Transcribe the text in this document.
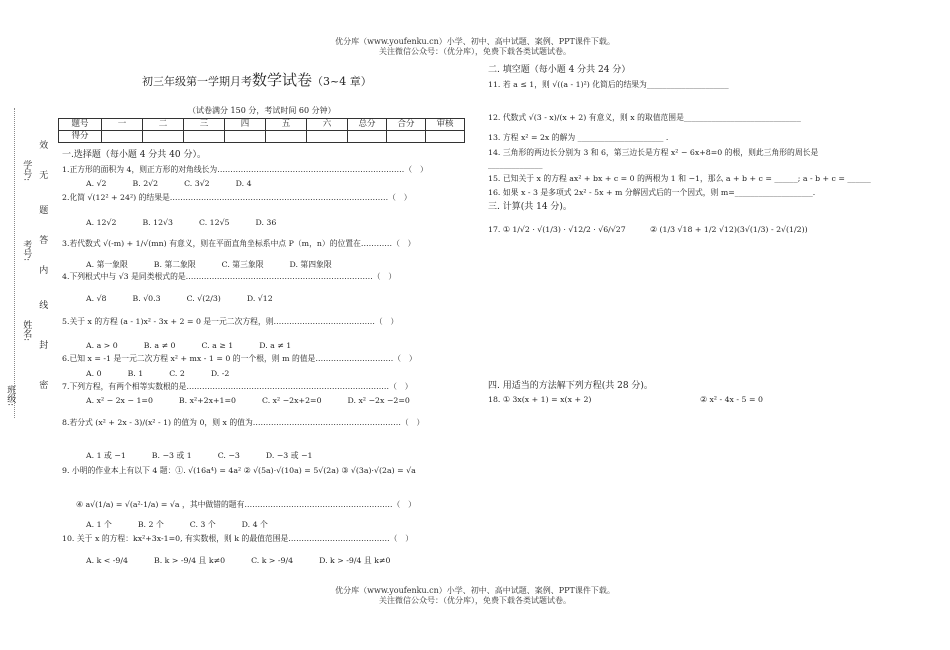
优分库（www.youfenku.cn）小学、初中、高中试题、案例、PPT课件下载。
关注微信公众号：（优分库），免费下载各类试题试卷。
优分库（www.youfenku.cn）小学、初中、高中试题、案例、PPT课件下载。
关注微信公众号：（优分库），免费下载各类试题试卷。
班级:
姓名:
考号:
学号:
密
封
线
内
答
题
无
效
初三年级第一学期月考数学试卷（3~4 章）
（试卷满分 150 分，考试时间 60 分钟）
题号	一	二	三	四	五	六	总分	合分	审核
得分									
一.选择题（每小题 4 分共 40 分）。
1.正方形的面积为 4，则正方形的对角线长为………………………………………………………………（　）
A. √2	B. 2√2	C. 3√2	D. 4
2.化简 √(12² + 24²) 的结果是…………………………………………………………………………（　）
A. 12√2	B. 12√3	C. 12√5	D. 36
3.若代数式 √(-m) + 1/√(mn) 有意义，则在平面直角坐标系中点 P（m，n）的位置在…………（　）
A. 第一象限	B. 第二象限	C. 第三象限	D. 第四象限
4.下列根式中与 √3 是同类根式的是………………………………………………………………（　）
A. √8	B. √0.3	C. √(2/3)	D. √12
5.关于 x 的方程 (a - 1)x² - 3x + 2 = 0 是一元二次方程，则…………………………………（　）
A. a > 0	B. a ≠ 0	C. a ≥ 1	D. a ≠ 1
6.已知 x = -1 是一元二次方程 x² + mx - 1 = 0 的一个根，则 m 的值是…………………………（　）
A. 0	B. 1	C. 2	D. -2
7.下列方程，有两个相等实数根的是……………………………………………………………………（　）
A. x² − 2x − 1=0	B. x²+2x+1=0	C. x² −2x+2=0	D. x² −2x −2=0
8.若分式 (x² + 2x - 3)/(x² - 1) 的值为 0，则 x 的值为…………………………………………………（　）
A. 1 或 −1	B. −3 或 1	C. −3	D. −3 或 −1
9. 小明的作业本上有以下 4 题：①. √(16a⁴) = 4a² ② √(5a)·√(10a) = 5√(2a) ③ √(3a)·√(2a) = √a
④ a√(1/a) = √(a²·1/a) = √a ，其中做错的题有…………………………………………………（　）
A. 1 个	B. 2 个	C. 3 个	D. 4 个
10. 关于 x 的方程：kx²+3x-1=0, 有实数根，则 k 的最值范围是…………………………………（　）
A. k < -9/4	B. k > -9/4 且 k≠0	C. k > -9/4	D. k > -9/4 且 k≠0
二. 填空题（每小题 4 分共 24 分）
11. 若 a ≤ 1，则 √((a - 1)²) 化简后的结果为_____________________
12. 代数式 √(3 - x)/(x + 2) 有意义，则 x 的取值范围是______________________________
13. 方程 x² = 2x 的解为 ______________________ .
14. 三角形的两边长分别为 3 和 6，第三边长是方程 x² − 6x+8=0 的根，则此三角形的周长是
______________
15. 已知关于 x 的方程 ax² + bx + c = 0 的两根为 1 和 −1，那么 a + b + c = ______; a - b + c = ______
16. 如果 x - 3 是多项式 2x² - 5x + m 分解因式后的一个因式，则 m=____________________.
三. 计算(共 14 分)。
17. ① 1/√2 · √(1/3) · √12/2 · √6/√27	② (1/3 √18 + 1/2 √12)(3√(1/3) - 2√(1/2))
四. 用适当的方法解下列方程(共 28 分)。
18. ① 3x(x + 1) = x(x + 2)	② x² - 4x - 5 = 0
